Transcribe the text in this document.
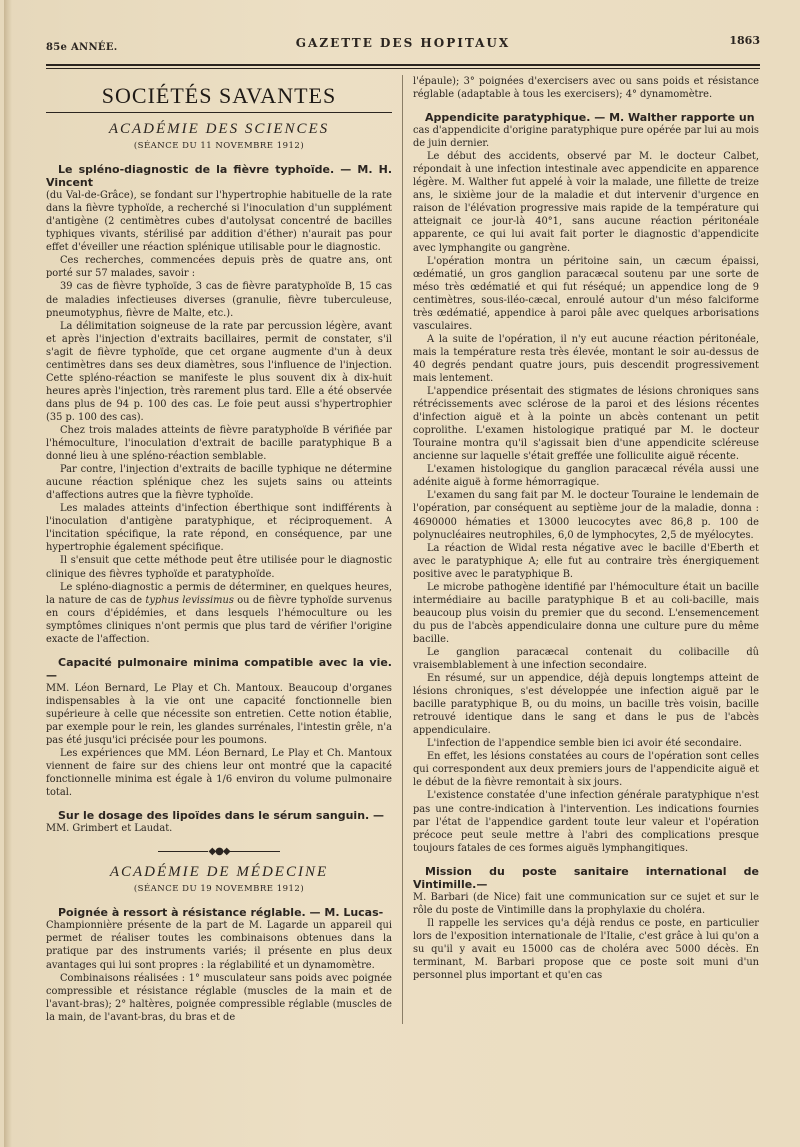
85e ANNÉE.	GAZETTE DES HOPITAUX	1863
SOCIÉTÉS SAVANTES
ACADÉMIE DES SCIENCES
(SÉANCE DU 11 NOVEMBRE 1912)
Le spléno-diagnostic de la fièvre typhoïde. — M. H. Vincent

(du Val-de-Grâce), se fondant sur l'hypertrophie habituelle de la rate dans la fièvre typhoïde, a recherché si l'inoculation d'un supplément d'antigène (2 centimètres cubes d'autolysat concentré de bacilles typhiques vivants, stérilisé par addition d'éther) n'aurait pas pour effet d'éveiller une réaction splénique utilisable pour le diagnostic.

Ces recherches, commencées depuis près de quatre ans, ont porté sur 57 malades, savoir :

39 cas de fièvre typhoïde, 3 cas de fièvre paratyphoïde B, 15 cas de maladies infectieuses diverses (granulie, fièvre tuberculeuse, pneumotyphus, fièvre de Malte, etc.).

La délimitation soigneuse de la rate par percussion légère, avant et après l'injection d'extraits bacillaires, permit de constater, s'il s'agit de fièvre typhoïde, que cet organe augmente d'un à deux centimètres dans ses deux diamètres, sous l'influence de l'injection. Cette spléno-réaction se manifeste le plus souvent dix à dix-huit heures après l'injection, très rarement plus tard. Elle a été observée dans plus de 94 p. 100 des cas. Le foie peut aussi s'hypertrophier (35 p. 100 des cas).

Chez trois malades atteints de fièvre paratyphoïde B vérifiée par l'hémoculture, l'inoculation d'extrait de bacille paratyphique B a donné lieu à une spléno-réaction semblable.

Par contre, l'injection d'extraits de bacille typhique ne détermine aucune réaction splénique chez les sujets sains ou atteints d'affections autres que la fièvre typhoïde.

Les malades atteints d'infection éberthique sont indifférents à l'inoculation d'antigène paratyphique, et réciproquement. A l'incitation spécifique, la rate répond, en conséquence, par une hypertrophie également spécifique.

Il s'ensuit que cette méthode peut être utilisée pour le diagnostic clinique des fièvres typhoïde et paratyphoïde.

Le spléno-diagnostic a permis de déterminer, en quelques heures, la nature de cas de typhus levissimus ou de fièvre typhoïde survenus en cours d'épidémies, et dans lesquels l'hémoculture ou les symptômes cliniques n'ont permis que plus tard de vérifier l'origine exacte de l'affection.

Capacité pulmonaire minima compatible avec la vie. —

MM. Léon Bernard, Le Play et Ch. Mantoux. Beaucoup d'organes indispensables à la vie ont une capacité fonctionnelle bien supérieure à celle que nécessite son entretien. Cette notion établie, par exemple pour le rein, les glandes surrénales, l'intestin grêle, n'a pas été jusqu'ici précisée pour les poumons.

Les expériences que MM. Léon Bernard, Le Play et Ch. Mantoux viennent de faire sur des chiens leur ont montré que la capacité fonctionnelle minima est égale à 1/6 environ du volume pulmonaire total.

Sur le dosage des lipoïdes dans le sérum sanguin. —

MM. Grimbert et Laudat.

◆●◆
ACADÉMIE DE MÉDECINE
(SÉANCE DU 19 NOVEMBRE 1912)
Poignée à ressort à résistance réglable. — M. Lucas-

Championnière présente de la part de M. Lagarde un appareil qui permet de réaliser toutes les combinaisons obtenues dans la pratique par des instruments variés; il présente en plus deux avantages qui lui sont propres : la réglabilité et un dynamomètre.

Combinaisons réalisées : 1° musculateur sans poids avec poignée compressible et résistance réglable (muscles de la main et de l'avant-bras); 2° haltères, poignée compressible réglable (muscles de la main, de l'avant-bras, du bras et de

l'épaule); 3° poignées d'exercisers avec ou sans poids et résistance réglable (adaptable à tous les exercisers); 4° dynamomètre.

Appendicite paratyphique. — M. Walther rapporte un

cas d'appendicite d'origine paratyphique pure opérée par lui au mois de juin dernier.

Le début des accidents, observé par M. le docteur Calbet, répondait à une infection intestinale avec appendicite en apparence légère. M. Walther fut appelé à voir la malade, une fillette de treize ans, le sixième jour de la maladie et dut intervenir d'urgence en raison de l'élévation progressive mais rapide de la température qui atteignait ce jour-là 40°1, sans aucune réaction péritonéale apparente, ce qui lui avait fait porter le diagnostic d'appendicite avec lymphangite ou gangrène.

L'opération montra un péritoine sain, un cæcum épaissi, œdématié, un gros ganglion paracæcal soutenu par une sorte de méso très œdématié et qui fut réséqué; un appendice long de 9 centimètres, sous-iléo-cæcal, enroulé autour d'un méso falciforme très œdématié, appendice à paroi pâle avec quelques arborisations vasculaires.

A la suite de l'opération, il n'y eut aucune réaction péritonéale, mais la température resta très élevée, montant le soir au-dessus de 40 degrés pendant quatre jours, puis descendit progressivement mais lentement.

L'appendice présentait des stigmates de lésions chroniques sans rétrécissements avec sclérose de la paroi et des lésions récentes d'infection aiguë et à la pointe un abcès contenant un petit coprolithe. L'examen histologique pratiqué par M. le docteur Touraine montra qu'il s'agissait bien d'une appendicite scléreuse ancienne sur laquelle s'était greffée une folliculite aiguë récente.

L'examen histologique du ganglion paracæcal révéla aussi une adénite aiguë à forme hémorragique.

L'examen du sang fait par M. le docteur Touraine le lendemain de l'opération, par conséquent au septième jour de la maladie, donna : 4690000 hématies et 13000 leucocytes avec 86,8 p. 100 de polynucléaires neutrophiles, 6,0 de lymphocytes, 2,5 de myélocytes.

La réaction de Widal resta négative avec le bacille d'Eberth et avec le paratyphique A; elle fut au contraire très énergiquement positive avec le paratyphique B.

Le microbe pathogène identifié par l'hémoculture était un bacille intermédiaire au bacille paratyphique B et au coli-bacille, mais beaucoup plus voisin du premier que du second. L'ensemencement du pus de l'abcès appendiculaire donna une culture pure du même bacille.

Le ganglion paracæcal contenait du colibacille dû vraisemblablement à une infection secondaire.

En résumé, sur un appendice, déjà depuis longtemps atteint de lésions chroniques, s'est développée une infection aiguë par le bacille paratyphique B, ou du moins, un bacille très voisin, bacille retrouvé identique dans le sang et dans le pus de l'abcès appendiculaire.

L'infection de l'appendice semble bien ici avoir été secondaire.

En effet, les lésions constatées au cours de l'opération sont celles qui correspondent aux deux premiers jours de l'appendicite aiguë et le début de la fièvre remontait à six jours.

L'existence constatée d'une infection générale paratyphique n'est pas une contre-indication à l'intervention. Les indications fournies par l'état de l'appendice gardent toute leur valeur et l'opération précoce peut seule mettre à l'abri des complications presque toujours fatales de ces formes aiguës lymphangitiques.

Mission du poste sanitaire international de Vintimille.—

M. Barbari (de Nice) fait une communication sur ce sujet et sur le rôle du poste de Vintimille dans la prophylaxie du choléra.

Il rappelle les services qu'a déjà rendus ce poste, en particulier lors de l'exposition internationale de l'Italie, c'est grâce à lui qu'on a su qu'il y avait eu 15000 cas de choléra avec 5000 décès. En terminant, M. Barbari propose que ce poste soit muni d'un personnel plus important et qu'en cas
